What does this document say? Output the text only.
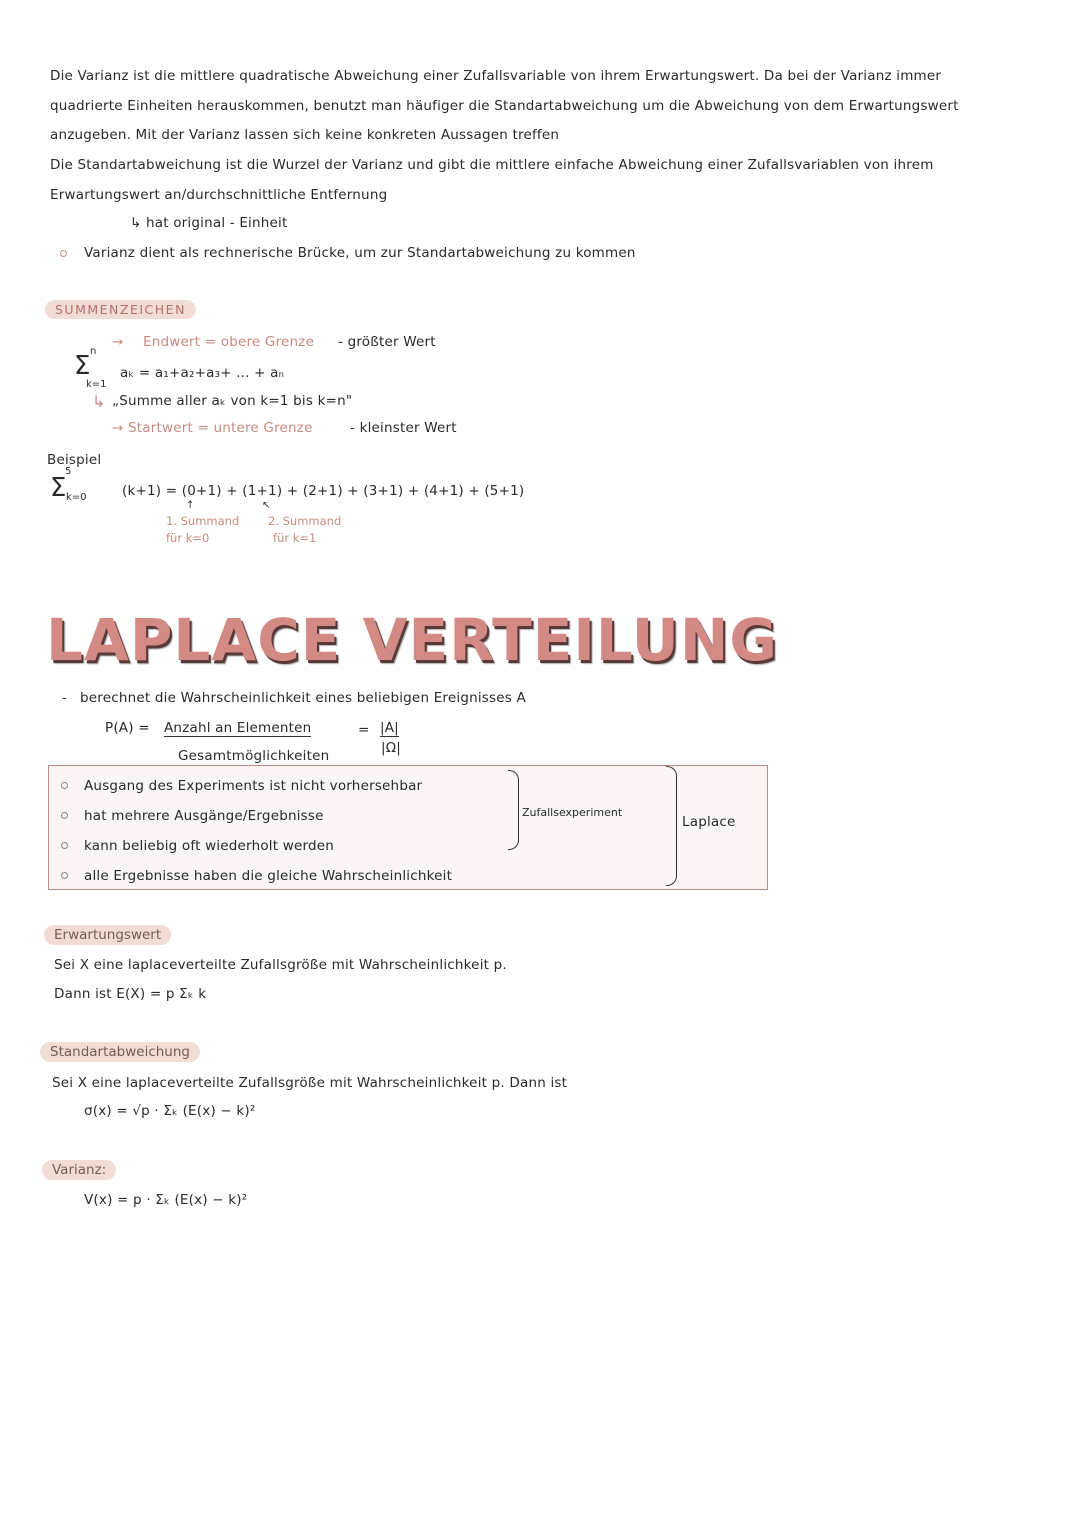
Die Varianz ist die mittlere quadratische Abweichung einer Zufallsvariable von ihrem Erwartungswert. Da bei der Varianz immer
quadrierte Einheiten herauskommen, benutzt man häufiger die Standartabweichung um die Abweichung von dem Erwartungswert
anzugeben. Mit der Varianz lassen sich keine konkreten Aussagen treffen
Die Standartabweichung ist die Wurzel der Varianz und gibt die mittlere einfache Abweichung einer Zufallsvariablen von ihrem
Erwartungswert an/durchschnittliche Entfernung
↳ hat original - Einheit
Varianz dient als rechnerische Brücke, um zur Standartabweichung zu kommen
SUMMENZEICHEN
→ Endwert = obere Grenze - größter Wert
n
Σ
k=1
aₖ = a₁+a₂+a₃+ ... + aₙ
↳ „Summe aller aₖ von k=1 bis k=n"
→ Startwert = untere Grenze	- kleinster Wert
Beispiel
5
Σ k=0	(k+1) = (0+1) + (1+1) + (2+1) + (3+1) + (4+1) + (5+1)
↑	↖
1. Summand
für k=0
2. Summand
für k=1
LAPLACE VERTEILUNG
- berechnet die Wahrscheinlichkeit eines beliebigen Ereignisses A
P(A) = Anzahl an Elementen
Gesamtmöglichkeiten
= |A|
|Ω|
Ausgang des Experiments ist nicht vorhersehbar
hat mehrere Ausgänge/Ergebnisse
kann beliebig oft wiederholt werden
alle Ergebnisse haben die gleiche Wahrscheinlichkeit
Zufallsexperiment
Laplace
Erwartungswert
Sei X eine laplaceverteilte Zufallsgröße mit Wahrscheinlichkeit p.
Dann ist E(X) = p Σₖ k
Standartabweichung
Sei X eine laplaceverteilte Zufallsgröße mit Wahrscheinlichkeit p. Dann ist
σ(x) = √p · Σₖ (E(x) − k)²
Varianz:
V(x) = p · Σₖ (E(x) − k)²
